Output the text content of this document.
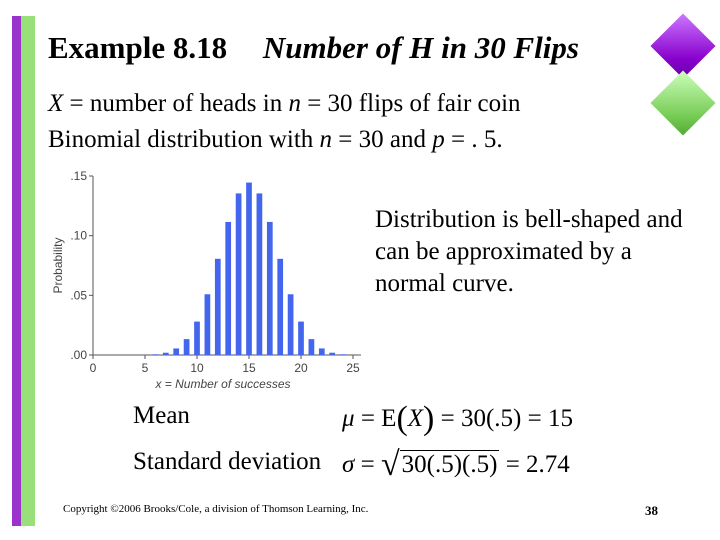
Example 8.18 Number of H in 30 Flips
X = number of heads in n = 30 flips of fair coin
Binomial distribution with n = 30 and p = . 5.
.00
.05
.10
.15
0	5	10	15	20	25
x = Number of successes
Probability
Distribution is bell-shaped and can be approximated by a normal curve.
Mean	μ = E(X) = 30(.5) = 15
Standard deviation σ = √30(.5)(.5) = 2.74
Copyright ©2006 Brooks/Cole, a division of Thomson Learning, Inc.	38
